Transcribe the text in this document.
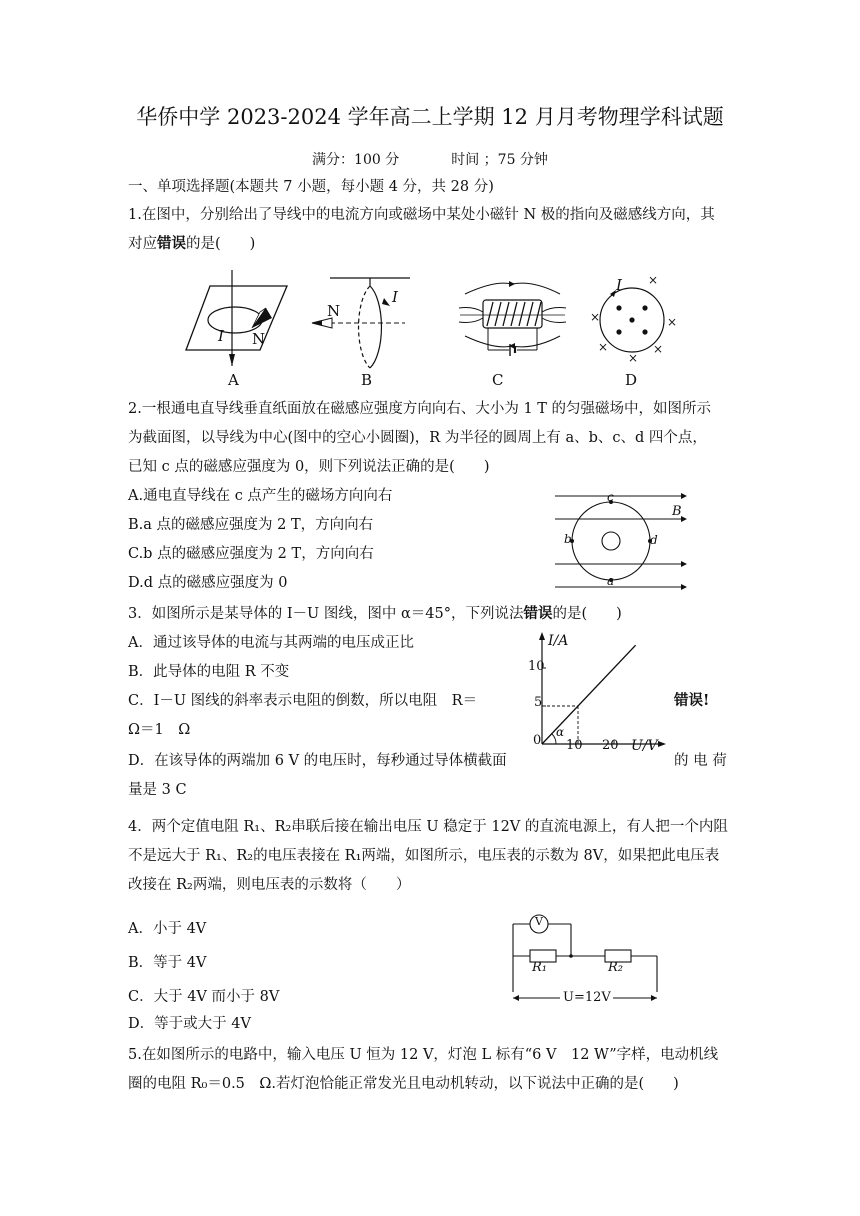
华侨中学 2023-2024 学年高二上学期 12 月月考物理学科试题
满分：100 分	时间 ；75 分钟
一、单项选择题(本题共 7 小题，每小题 4 分，共 28 分)
1.在图中，分别给出了导线中的电流方向或磁场中某处小磁针 N 极的指向及磁感线方向，其
对应错误的是(　　)
I N
A
N
I
B	C
I ×
×	×
×	×
×
D
2.一根通电直导线垂直纸面放在磁感应强度方向向右、大小为 1 T 的匀强磁场中，如图所示
为截面图，以导线为中心(图中的空心小圆圈)，R 为半径的圆周上有 a、b、c、d 四个点，
已知 c 点的磁感应强度为 0，则下列说法正确的是(　　)
A.通电直导线在 c 点产生的磁场方向向右
B.a 点的磁感应强度为 2 T，方向向右
C.b 点的磁感应强度为 2 T，方向向右
D.d 点的磁感应强度为 0
c
a
b	d
B
3．如图所示是某导体的 I－U 图线，图中 α＝45°，下列说法错误的是(　　)
A．通过该导体的电流与其两端的电压成正比
B．此导体的电阻 R 不变
C．I－U 图线的斜率表示电阻的倒数，所以电阻　R＝	错误!
Ω＝1　Ω
D．在该导体的两端加 6 V 的电压时，每秒通过导体横截面	的 电 荷
量是 3 C
I/A
U/V
10
5
0 10 20
α
4．两个定值电阻 R₁、R₂串联后接在输出电压 U 稳定于 12V 的直流电源上，有人把一个内阻
不是远大于 R₁、R₂的电压表接在 R₁两端，如图所示，电压表的示数为 8V，如果把此电压表
改接在 R₂两端，则电压表的示数将（　　）
A．小于 4V
B．等于 4V
C．大于 4V 而小于 8V
D．等于或大于 4V
V
R₁	R₂
U=12V
5.在如图所示的电路中，输入电压 U 恒为 12 V，灯泡 L 标有“6 V　12 W”字样，电动机线
圈的电阻 R₀＝0.5　Ω.若灯泡恰能正常发光且电动机转动，以下说法中正确的是(　　)
